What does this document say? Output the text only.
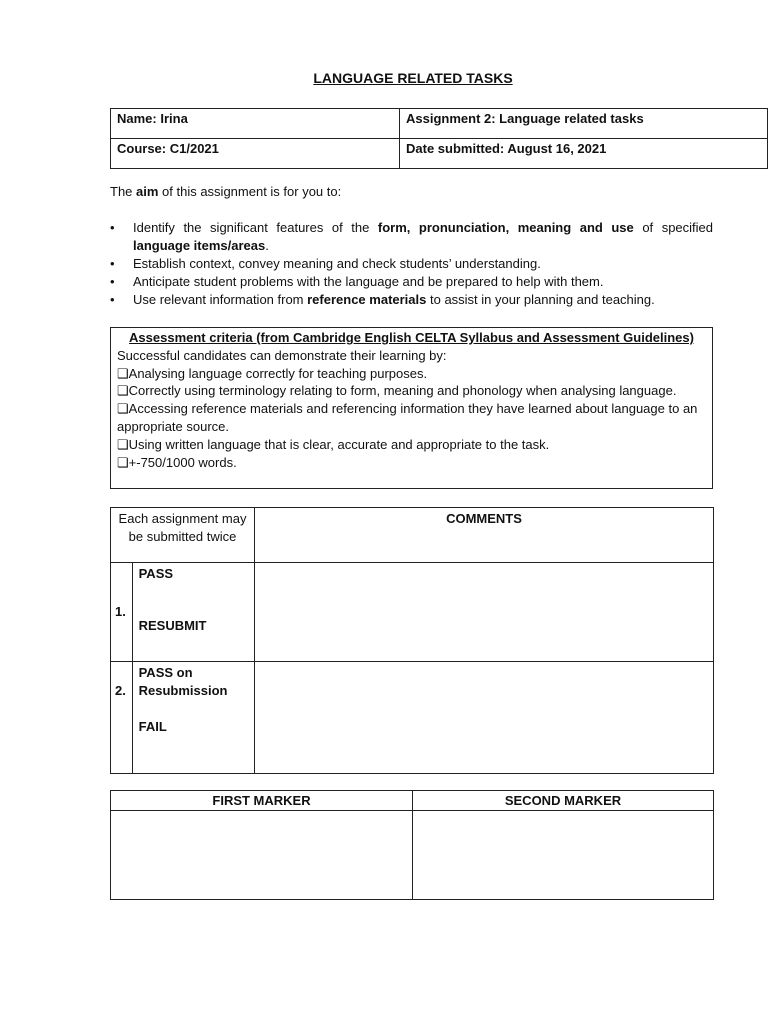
LANGUAGE RELATED TASKS
Name: Irina	Assignment 2: Language related tasks
Course: C1/2021	Date submitted: August 16, 2021
The aim of this assignment is for you to:
• Identify the significant features of the form, pronunciation, meaning and use of specified language items/areas.
• Establish context, convey meaning and check students’ understanding.
• Anticipate student problems with the language and be prepared to help with them.
• Use relevant information from reference materials to assist in your planning and teaching.
Assessment criteria (from Cambridge English CELTA Syllabus and Assessment Guidelines)
Successful candidates can demonstrate their learning by:
❑Analysing language correctly for teaching purposes.
❑Correctly using terminology relating to form, meaning and phonology when analysing language.
❑Accessing reference materials and referencing information they have learned about language to an appropriate source.
❑Using written language that is clear, accurate and appropriate to the task.
❑+-750/1000 words.
Each assignment may be submitted twice		COMMENTS
1.	PASS
RESUBMIT	

2.	PASS on
Resubmission
FAIL	

FIRST MARKER	SECOND MARKER
